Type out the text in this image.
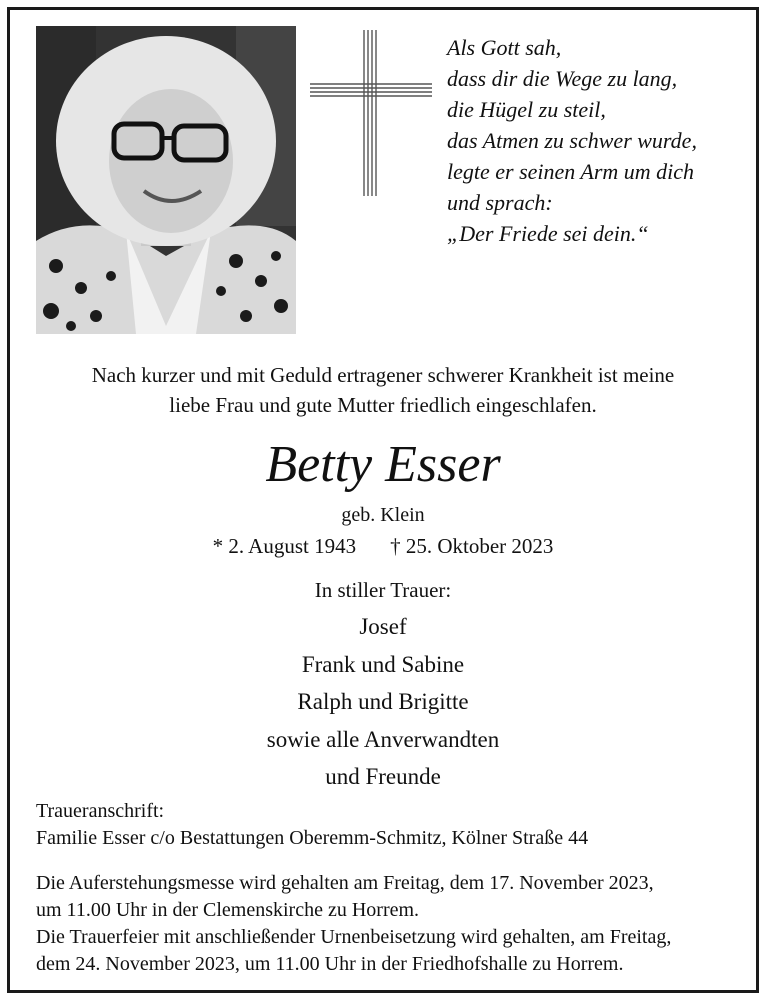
Als Gott sah,
dass dir die Wege zu lang,
die Hügel zu steil,
das Atmen zu schwer wurde,
legte er seinen Arm um dich
und sprach:
„Der Friede sei dein.“
Nach kurzer und mit Geduld ertragener schwerer Krankheit ist meine
liebe Frau und gute Mutter friedlich eingeschlafen.
Betty Esser
geb. Klein
* 2. August 1943 † 25. Oktober 2023
In stiller Trauer:
Josef
Frank und Sabine
Ralph und Brigitte
sowie alle Anverwandten
und Freunde
Traueranschrift:
Familie Esser c/o Bestattungen Oberemm-Schmitz, Kölner Straße 44
Die Auferstehungsmesse wird gehalten am Freitag, dem 17. November 2023,
um 11.00 Uhr in der Clemenskirche zu Horrem.
Die Trauerfeier mit anschließender Urnenbeisetzung wird gehalten, am Freitag,
dem 24. November 2023, um 11.00 Uhr in der Friedhofshalle zu Horrem.
